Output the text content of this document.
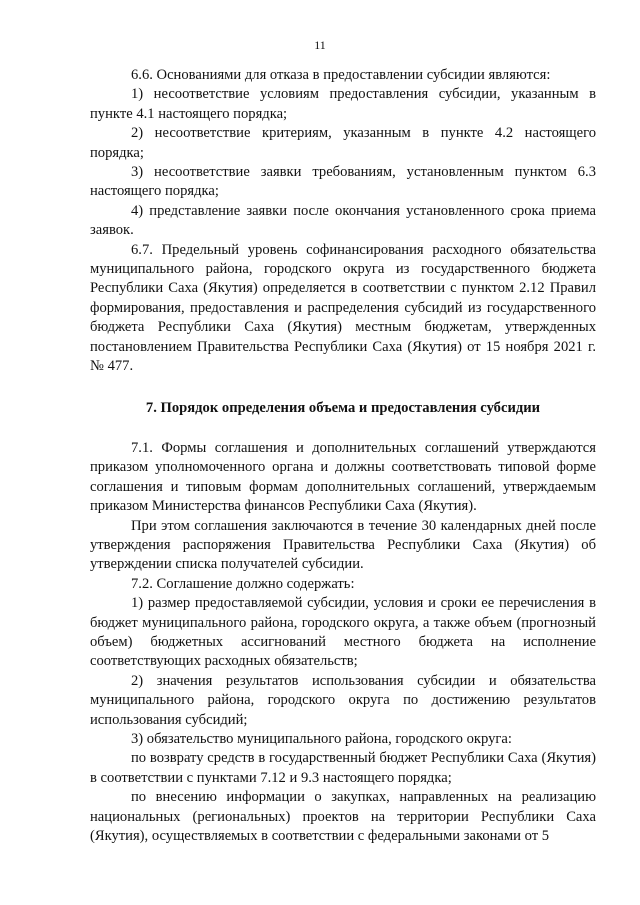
11

6.6. Основаниями для отказа в предоставлении субсидии являются:

1) несоответствие условиям предоставления субсидии, указанным в пункте 4.1 настоящего порядка;

2) несоответствие критериям, указанным в пункте 4.2 настоящего порядка;

3) несоответствие заявки требованиям, установленным пунктом 6.3 настоящего порядка;

4) представление заявки после окончания установленного срока приема заявок.

6.7. Предельный уровень софинансирования расходного обязательства муниципального района, городского округа из государственного бюджета Республики Саха (Якутия) определяется в соответствии с пунктом 2.12 Правил формирования, предоставления и распределения субсидий из государственного бюджета Республики Саха (Якутия) местным бюджетам, утвержденных постановлением Правительства Республики Саха (Якутия) от 15 ноября 2021 г. № 477.

7. Порядок определения объема и предоставления субсидии

7.1. Формы соглашения и дополнительных соглашений утверждаются приказом уполномоченного органа и должны соответствовать типовой форме соглашения и типовым формам дополнительных соглашений, утверждаемым приказом Министерства финансов Республики Саха (Якутия).

При этом соглашения заключаются в течение 30 календарных дней после утверждения распоряжения Правительства Республики Саха (Якутия) об утверждении списка получателей субсидии.

7.2. Соглашение должно содержать:

1) размер предоставляемой субсидии, условия и сроки ее перечисления в бюджет муниципального района, городского округа, а также объем (прогнозный объем) бюджетных ассигнований местного бюджета на исполнение соответствующих расходных обязательств;

2) значения результатов использования субсидии и обязательства муниципального района, городского округа по достижению результатов использования субсидий;

3) обязательство муниципального района, городского округа:

по возврату средств в государственный бюджет Республики Саха (Якутия) в соответствии с пунктами 7.12 и 9.3 настоящего порядка;

по внесению информации о закупках, направленных на реализацию национальных (региональных) проектов на территории Республики Саха (Якутия), осуществляемых в соответствии с федеральными законами от 5
